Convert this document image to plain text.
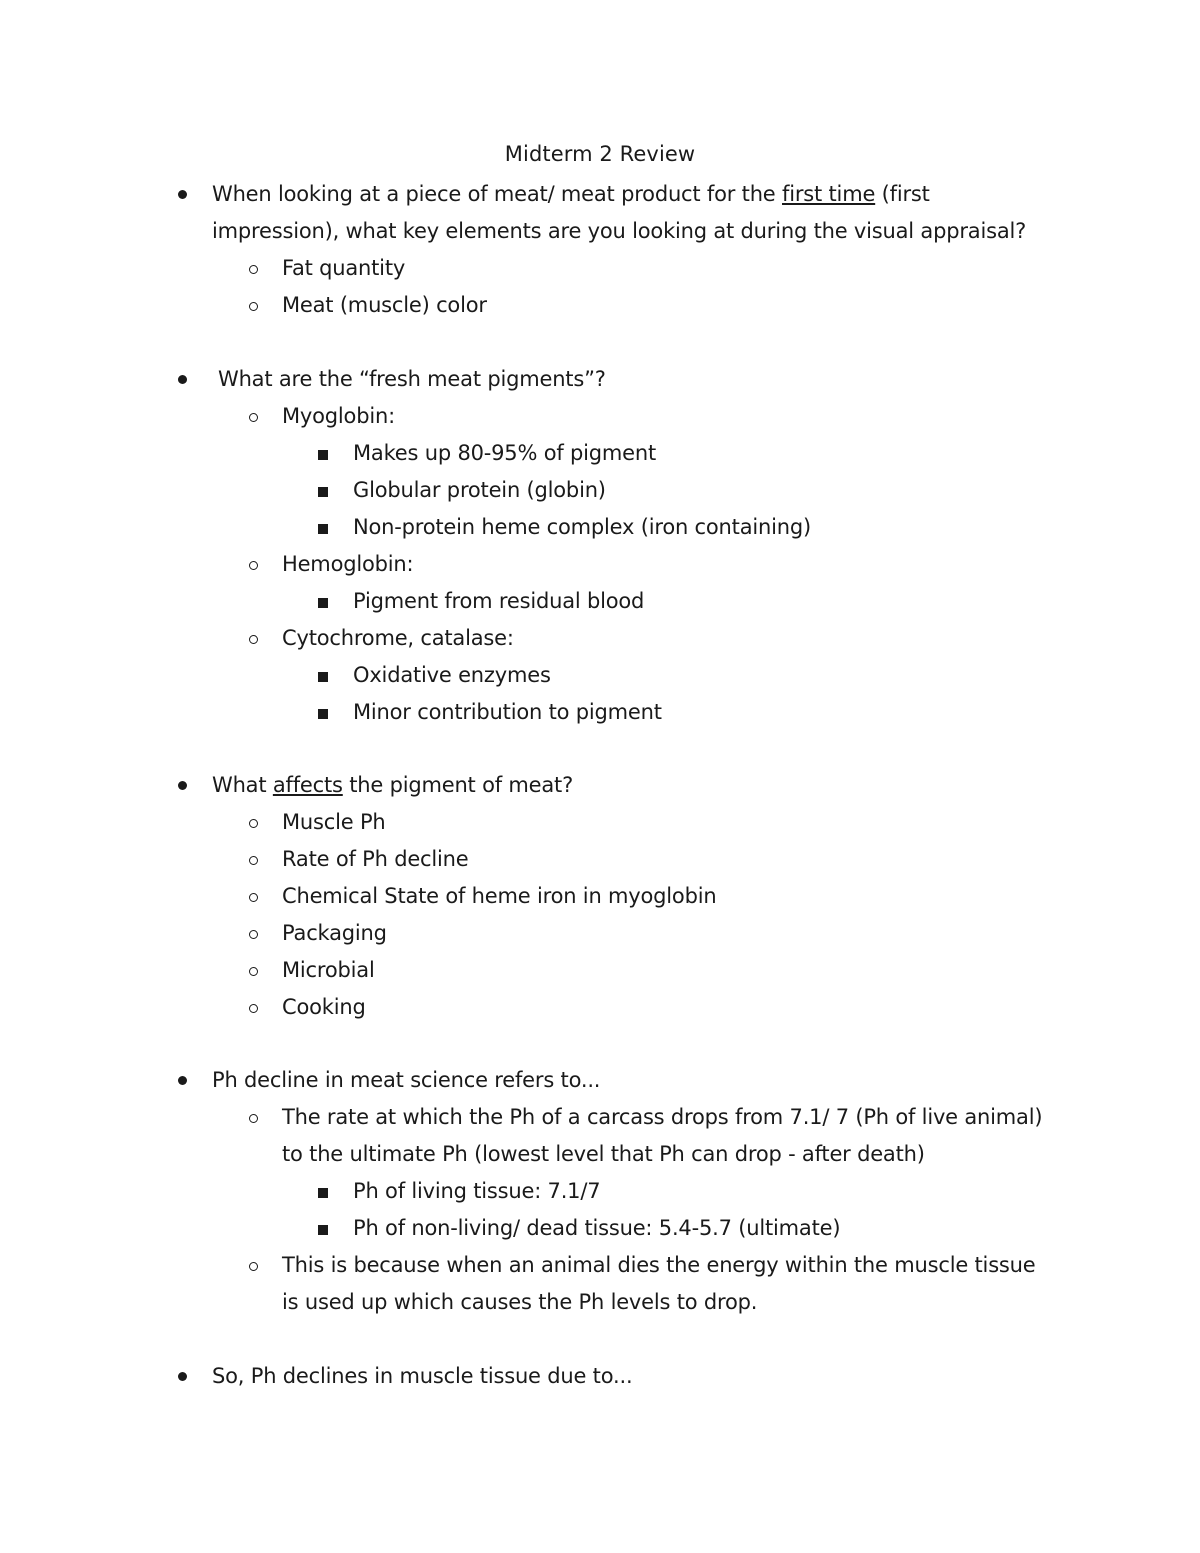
Midterm 2 Review
When looking at a piece of meat/ meat product for the first time (first
impression), what key elements are you looking at during the visual appraisal?
Fat quantity
Meat (muscle) color
What are the “fresh meat pigments”?
Myoglobin:
Makes up 80-95% of pigment
Globular protein (globin)
Non-protein heme complex (iron containing)
Hemoglobin:
Pigment from residual blood
Cytochrome, catalase:
Oxidative enzymes
Minor contribution to pigment
What affects the pigment of meat?
Muscle Ph
Rate of Ph decline
Chemical State of heme iron in myoglobin
Packaging
Microbial
Cooking
Ph decline in meat science refers to...
The rate at which the Ph of a carcass drops from 7.1/ 7 (Ph of live animal)
to the ultimate Ph (lowest level that Ph can drop - after death)
Ph of living tissue: 7.1/7
Ph of non-living/ dead tissue: 5.4-5.7 (ultimate)
This is because when an animal dies the energy within the muscle tissue
is used up which causes the Ph levels to drop.
So, Ph declines in muscle tissue due to...
